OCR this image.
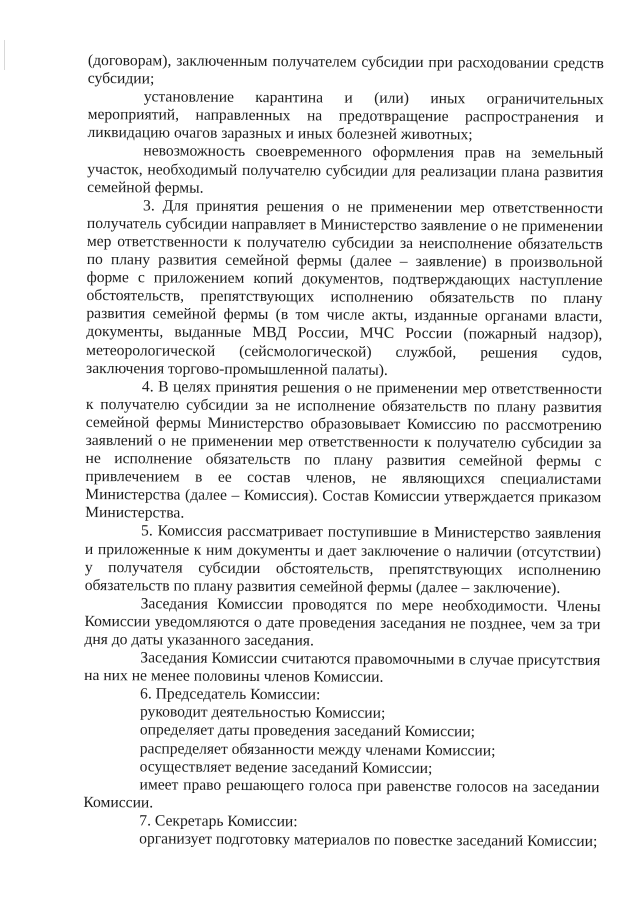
(договорам), заключенным получателем субсидии при расходовании средств субсидии;

установление карантина и (или) иных ограничительных мероприятий, направленных на предотвращение распространения и ликвидацию очагов заразных и иных болезней животных;

невозможность своевременного оформления прав на земельный участок, необходимый получателю субсидии для реализации плана развития семейной фермы.

3. Для принятия решения о не применении мер ответственности получатель субсидии направляет в Министерство заявление о не применении мер ответственности к получателю субсидии за неисполнение обязательств по плану развития семейной фермы (далее – заявление) в произвольной форме с приложением копий документов, подтверждающих наступление обстоятельств, препятствующих исполнению обязательств по плану развития семейной фермы (в том числе акты, изданные органами власти, документы, выданные МВД России, МЧС России (пожарный надзор), метеорологической (сейсмологической) службой, решения судов, заключения торгово-промышленной палаты).

4. В целях принятия решения о не применении мер ответственности к получателю субсидии за не исполнение обязательств по плану развития семейной фермы Министерство образовывает Комиссию по рассмотрению заявлений о не применении мер ответственности к получателю субсидии за не исполнение обязательств по плану развития семейной фермы с привлечением в ее состав членов, не являющихся специалистами Министерства (далее – Комиссия). Состав Комиссии утверждается приказом Министерства.

5. Комиссия рассматривает поступившие в Министерство заявления и приложенные к ним документы и дает заключение о наличии (отсутствии) у получателя субсидии обстоятельств, препятствующих исполнению обязательств по плану развития семейной фермы (далее – заключение).

Заседания Комиссии проводятся по мере необходимости. Члены Комиссии уведомляются о дате проведения заседания не позднее, чем за три дня до даты указанного заседания.

Заседания Комиссии считаются правомочными в случае присутствия на них не менее половины членов Комиссии.

6. Председатель Комиссии:

руководит деятельностью Комиссии;

определяет даты проведения заседаний Комиссии;

распределяет обязанности между членами Комиссии;

осуществляет ведение заседаний Комиссии;

имеет право решающего голоса при равенстве голосов на заседании Комиссии.

7. Секретарь Комиссии:

организует подготовку материалов по повестке заседаний Комиссии;
